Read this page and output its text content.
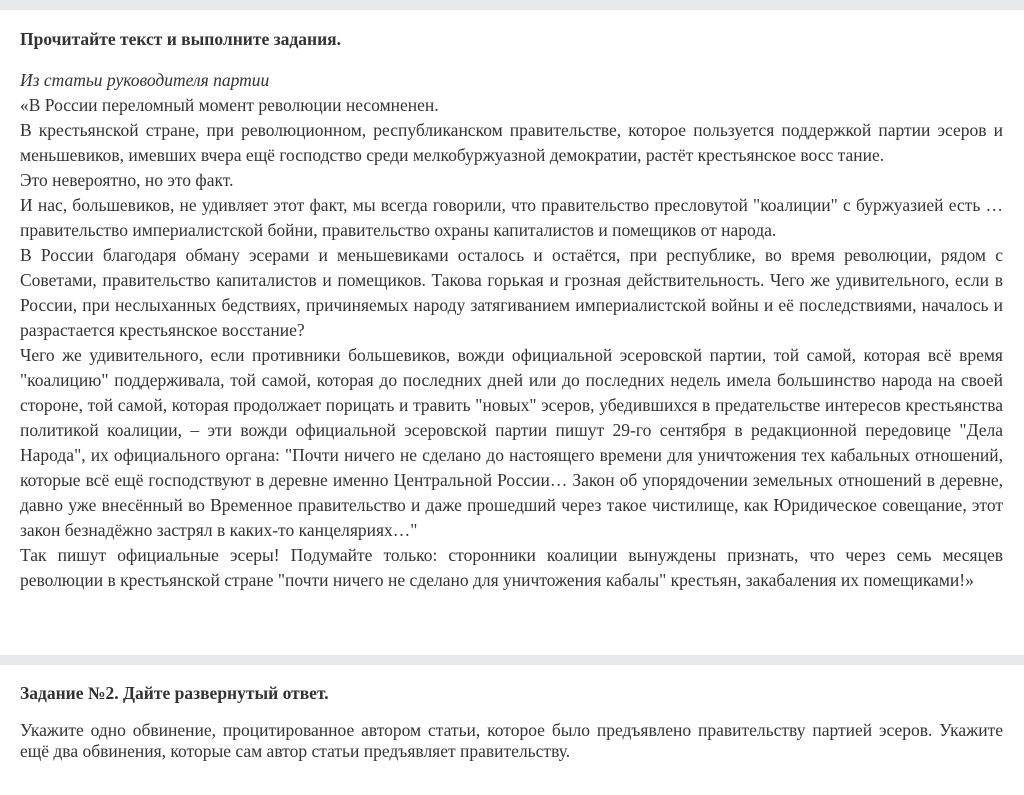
Прочитайте текст и выполните задания.

Из статьи руководителя партии

«В России переломный момент революции несомненен.

В крестьянской стране, при революционном, республиканском правительстве, которое пользуется поддержкой партии эсеров и меньшевиков, имевших вчера ещё господство среди мелкобуржуазной демократии, растёт крестьянское восс тание.

Это невероятно, но это факт.

И нас, большевиков, не удивляет этот факт, мы всегда говорили, что правительство пресловутой "коалиции" с буржуазией есть …правительство империалистской бойни, правительство охраны капиталистов и помещиков от народа.

В России благодаря обману эсерами и меньшевиками осталось и остаётся, при республике, во время революции, рядом с Советами, правительство капиталистов и помещиков. Такова горькая и грозная действительность. Чего же удивительного, если в России, при неслыханных бедствиях, причиняемых народу затягиванием империалистской войны и её последствиями, началось и разрастается крестьянское восстание?

Чего же удивительного, если противники большевиков, вожди официальной эсеровской партии, той самой, которая всё время "коалицию" поддерживала, той самой, которая до последних дней или до последних недель имела большинство народа на своей стороне, той самой, которая продолжает порицать и травить "новых" эсеров, убедившихся в предательстве интересов крестьянства политикой коалиции, – эти вожди официальной эсеровской партии пишут 29-го сентября в редакционной передовице "Дела Народа", их официального органа: "Почти ничего не сделано до настоящего времени для уничтожения тех кабальных отношений, которые всё ещё господствуют в деревне именно Центральной России… Закон об упорядочении земельных отношений в деревне, давно уже внесённый во Временное правительство и даже прошедший через такое чистилище, как Юридическое совещание, этот закон безнадёжно застрял в каких-то канцеляриях…"

Так пишут официальные эсеры! Подумайте только: сторонники коалиции вынуждены признать, что через семь месяцев революции в крестьянской стране "почти ничего не сделано для уничтожения кабалы" крестьян, закабаления их помещиками!»

Задание №2. Дайте развернутый ответ.

Укажите одно обвинение, процитированное автором статьи, которое было предъявлено правительству партией эсеров. Укажите ещё два обвинения, которые сам автор статьи предъявляет правительству.
